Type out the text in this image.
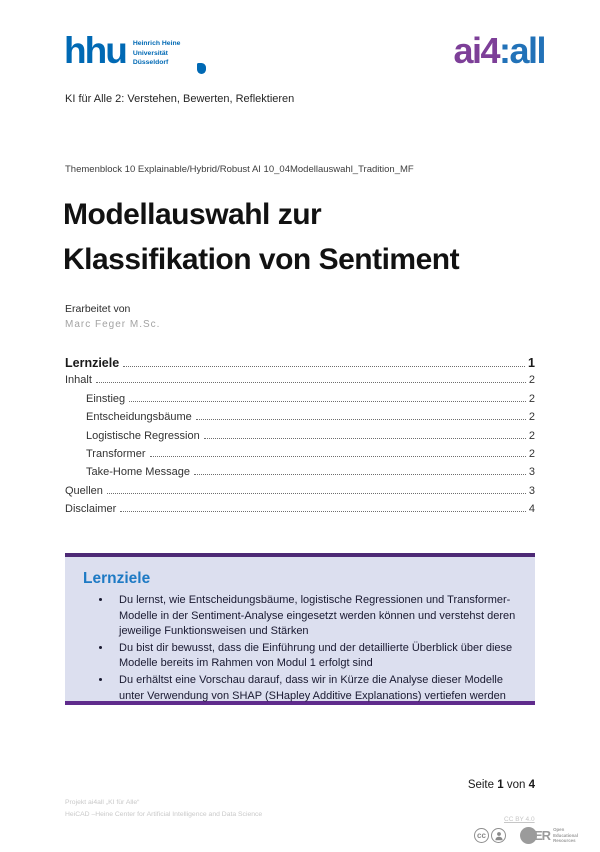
hhu Heinrich Heine
Universität
Düsseldorf	ai4:all
KI für Alle 2: Verstehen, Bewerten, Reflektieren
Themenblock 10 Explainable/Hybrid/Robust AI 10_04Modellauswahl_Tradition_MF
Modellauswahl zur
Klassifikation von Sentiment
Erarbeitet von
Marc Feger M.Sc.
Lernziele	1
Inhalt	2
Einstieg	2
Entscheidungsbäume	2
Logistische Regression	2
Transformer	2
Take-Home Message	3
Quellen	3
Disclaimer	4
Lernziele
• Du lernst, wie Entscheidungsbäume, logistische Regressionen und Transformer-Modelle in der Sentiment-Analyse eingesetzt werden können und verstehst deren jeweilige Funktionsweisen und Stärken
• Du bist dir bewusst, dass die Einführung und der detaillierte Überblick über diese Modelle bereits im Rahmen von Modul 1 erfolgt sind
• Du erhältst eine Vorschau darauf, dass wir in Kürze die Analyse dieser Modelle unter Verwendung von SHAP (SHapley Additive Explanations) vertiefen werden
Seite 1 von 4
Projekt ai4all „KI für Alle“
HeiCAD –Heine Center for Artificial Intelligence and Data Science
CC BY 4.0
cc	ER Open
Educational
Resources
